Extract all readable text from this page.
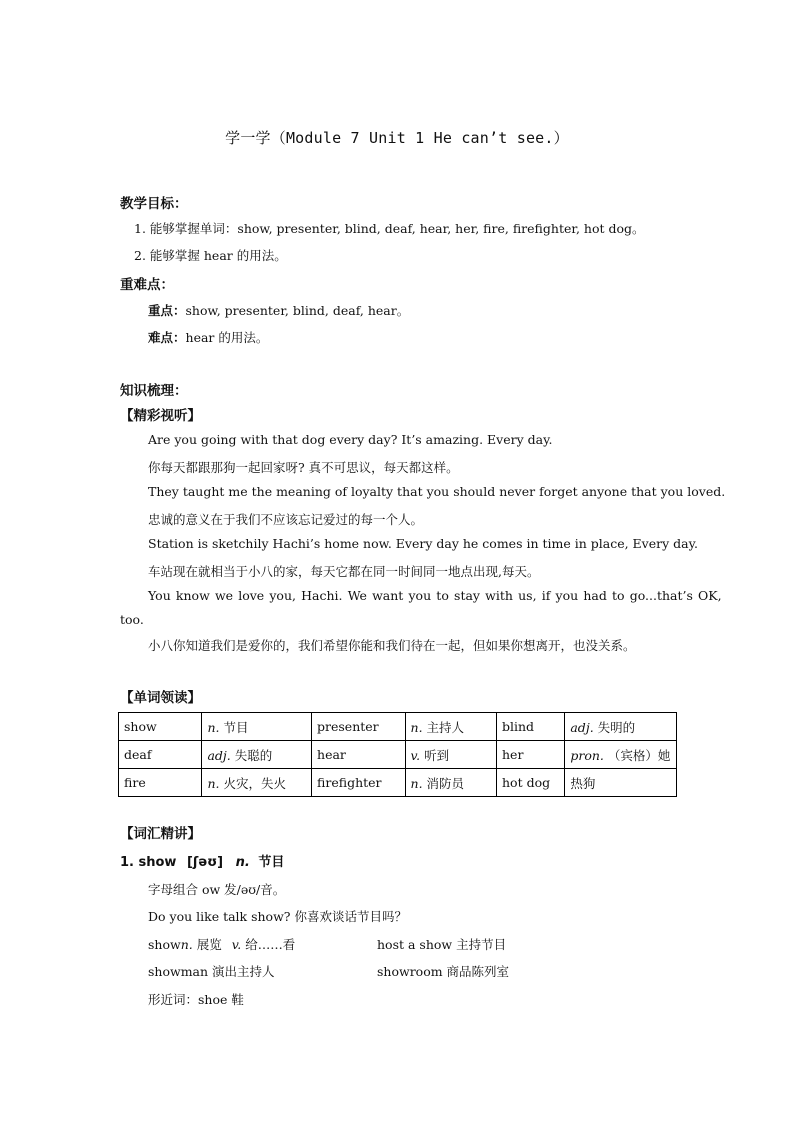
学一学（Module 7 Unit 1 He can’t see.）
教学目标：
1. 能够掌握单词：show, presenter, blind, deaf, hear, her, fire, firefighter, hot dog。
2. 能够掌握 hear 的用法。
重难点：
重点：show, presenter, blind, deaf, hear。
难点：hear 的用法。
知识梳理：
【精彩视听】
Are you going with that dog every day? It’s amazing. Every day.
你每天都跟那狗一起回家呀? 真不可思议，每天都这样。
They taught me the meaning of loyalty that you should never forget anyone that you loved.
忠诚的意义在于我们不应该忘记爱过的每一个人。
Station is sketchily Hachi’s home now. Every day he comes in time in place, Every day.
车站现在就相当于小八的家，每天它都在同一时间同一地点出现,每天。
You know we love you, Hachi. We want you to stay with us, if you had to go...that’s OK,
too.
小八你知道我们是爱你的，我们希望你能和我们待在一起，但如果你想离开，也没关系。
【单词领读】
show	n. 节目	presenter	n. 主持人	blind	adj. 失明的
deaf	adj. 失聪的	hear	v. 听到	her	pron. （宾格）她
fire	n. 火灾，失火	firefighter	n. 消防员	hot dog	热狗
【词汇精讲】
1. show [ʃəʊ] n. 节目
字母组合 ow 发/əʊ/音。
Do you like talk show? 你喜欢谈话节目吗？
shown. 展览 v. 给……看	host a show 主持节目
showman 演出主持人	showroom 商品陈列室
形近词：shoe 鞋
